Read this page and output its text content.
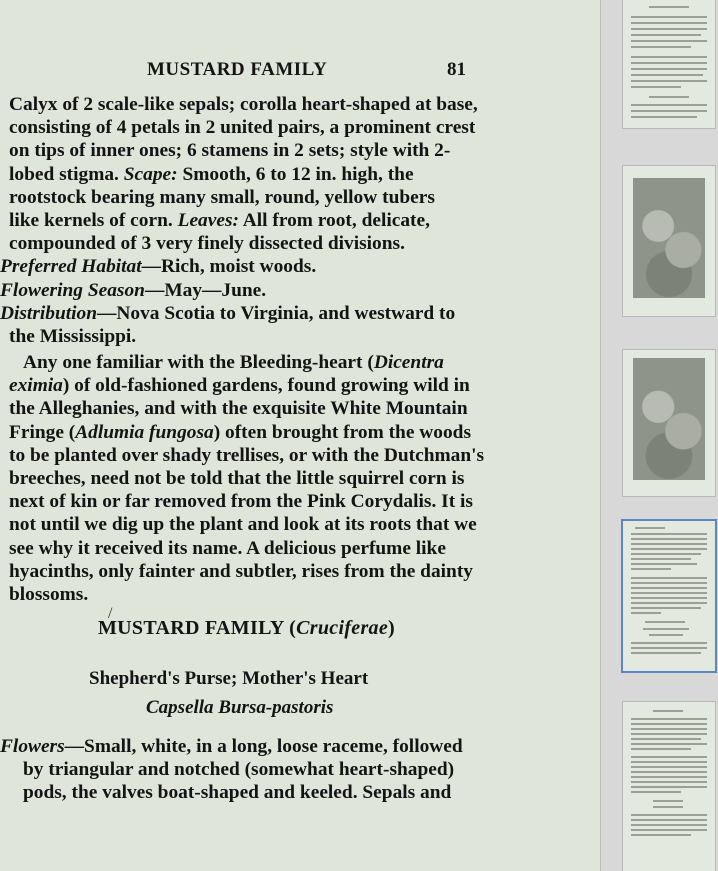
MUSTARD FAMILY	81
Calyx of 2 scale-like sepals; corolla heart-shaped at base,
consisting of 4 petals in 2 united pairs, a prominent crest
on tips of inner ones; 6 stamens in 2 sets; style with 2-
lobed stigma. Scape: Smooth, 6 to 12 in. high, the
rootstock bearing many small, round, yellow tubers
like kernels of corn. Leaves: All from root, delicate,
compounded of 3 very finely dissected divisions.
Preferred Habitat—Rich, moist woods.
Flowering Season—May—June.
Distribution—Nova Scotia to Virginia, and westward to
the Mississippi.
Any one familiar with the Bleeding-heart (Dicentra
eximia) of old-fashioned gardens, found growing wild in
the Alleghanies, and with the exquisite White Mountain
Fringe (Adlumia fungosa) often brought from the woods
to be planted over shady trellises, or with the Dutchman's
breeches, need not be told that the little squirrel corn is
next of kin or far removed from the Pink Corydalis. It is
not until we dig up the plant and look at its roots that we
see why it received its name. A delicious perfume like
hyacinths, only fainter and subtler, rises from the dainty
blossoms.
/
MUSTARD FAMILY (Cruciferae)
Shepherd's Purse; Mother's Heart
Capsella Bursa-pastoris
Flowers—Small, white, in a long, loose raceme, followed
by triangular and notched (somewhat heart-shaped)
pods, the valves boat-shaped and keeled. Sepals and
